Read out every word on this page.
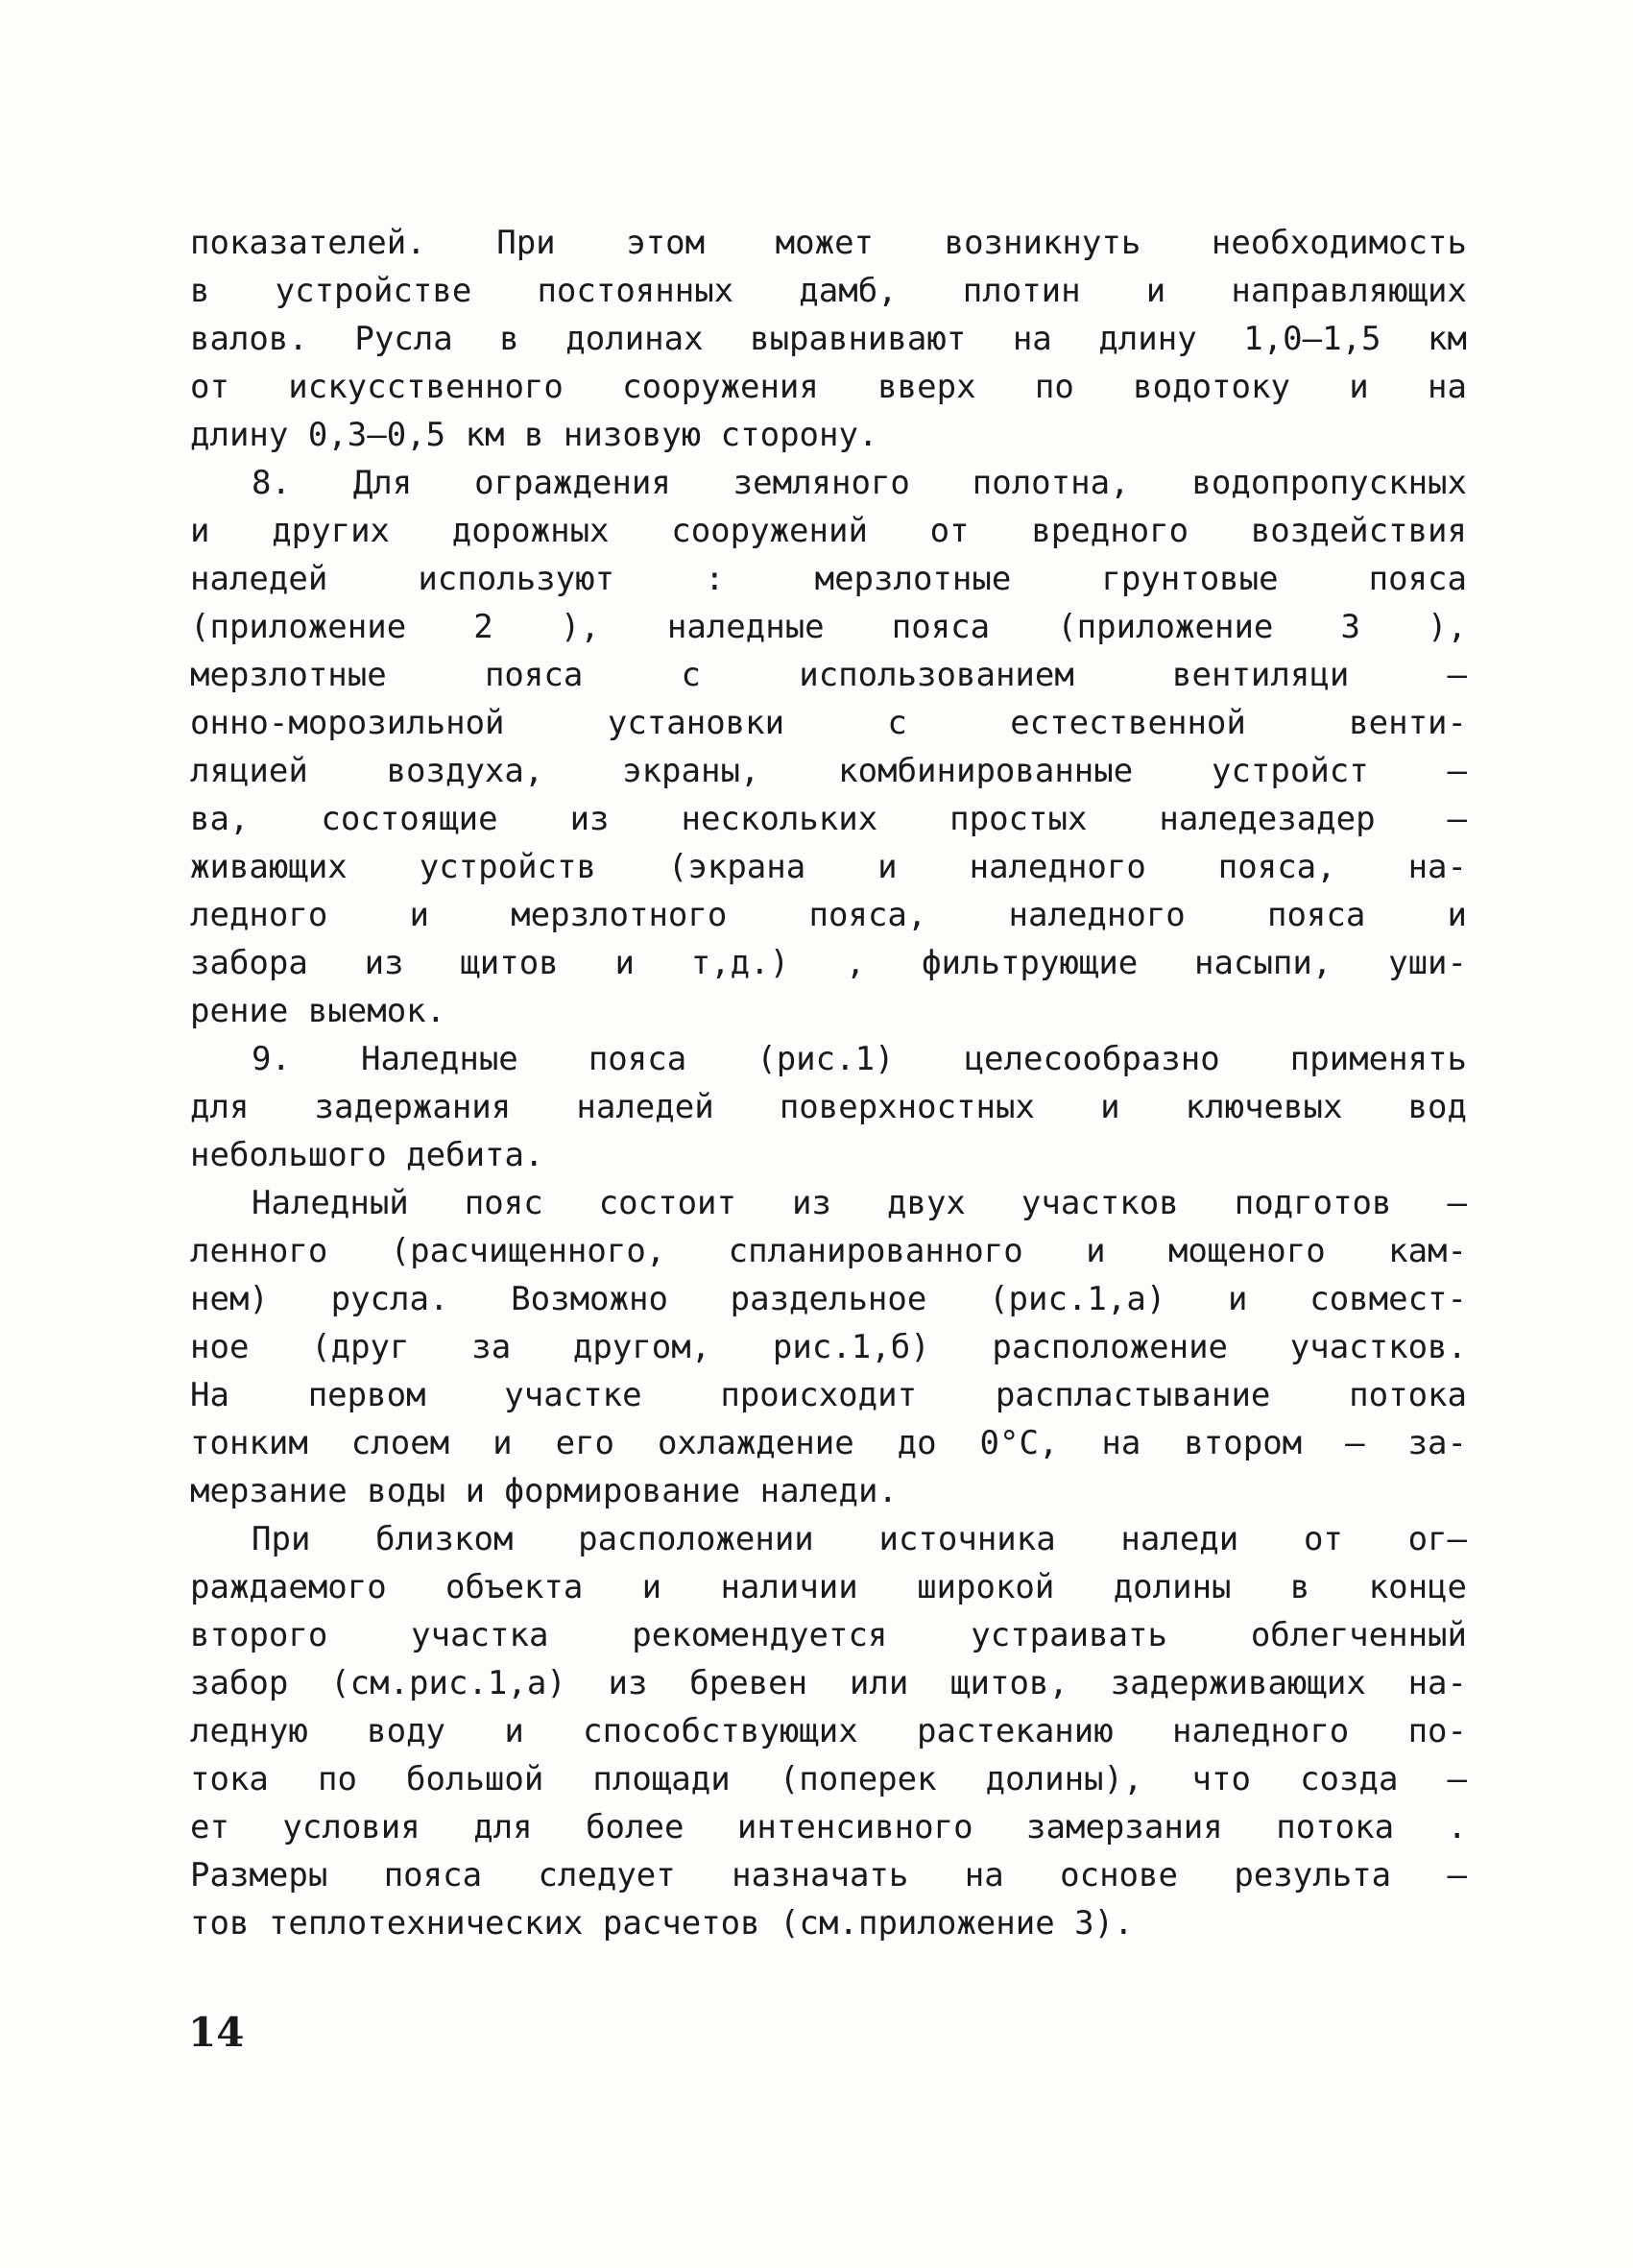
показателей. При этом может возникнуть необходимость
в устройстве постоянных дамб, плотин и направляющих
валов. Русла в долинах выравнивают на длину 1,0–1,5 км
от искусственного сооружения вверх по водотоку и на
длину 0,3–0,5 км в низовую сторону.
8. Для ограждения земляного полотна, водопропускных
и других дорожных сооружений от вредного воздействия
наледей используют : мерзлотные грунтовые пояса
(приложение 2 ), наледные пояса (приложение 3 ),
мерзлотные пояса с использованием вентиляци –
онно-морозильной установки с естественной венти-
ляцией воздуха, экраны, комбинированные устройст –
ва, состоящие из нескольких простых наледезадер –
живающих устройств (экрана и наледного пояса, на-
ледного и мерзлотного пояса, наледного пояса и
забора из щитов и т,д.) , фильтрующие насыпи, уши-
рение выемок.
9. Наледные пояса (рис.1) целесообразно применять
для задержания наледей поверхностных и ключевых вод
небольшого дебита.
Наледный пояс состоит из двух участков подготов –
ленного (расчищенного, спланированного и мощеного кам-
нем) русла. Возможно раздельное (рис.1,а) и совмест-
ное (друг за другом, рис.1,б) расположение участков.
На первом участке происходит распластывание потока
тонким слоем и его охлаждение до 0°С, на втором – за-
мерзание воды и формирование наледи.
При близком расположении источника наледи от ог–
раждаемого объекта и наличии широкой долины в конце
второго участка рекомендуется устраивать облегченный
забор (см.рис.1,а) из бревен или щитов, задерживающих на-
ледную воду и способствующих растеканию наледного по-
тока по большой площади (поперек долины), что созда –
ет условия для более интенсивного замерзания потока .
Размеры пояса следует назначать на основе результа –
тов теплотехнических расчетов (см.приложение 3).
14
